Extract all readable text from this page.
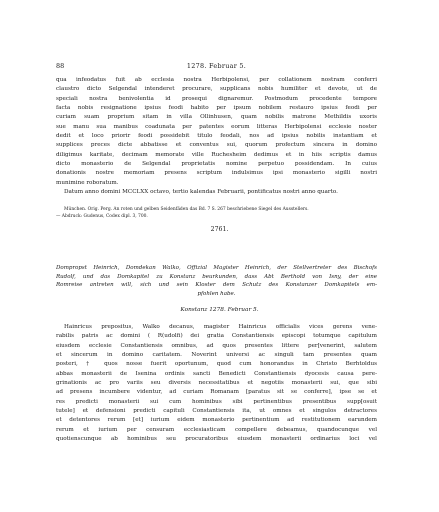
88	1278. Februar 5.
qua infeodatus fuit ab ecclesia nostra Herbipolensi, per collationem nostram conferri
claustro dicto Selgendal intenderet procurare, supplicans nobis humiliter et devote, ut de
speciali nostra benivolentia id prosequi dignaremur. Postmodum procedente tempore
facta nobis resignatione ipsius feodi habito per ipsum nobilem restauro ipsius feodi per
curiam suam proprium sitam in villa Ollinhusen, quam nobilis matrone Methildis uxoris
sue manu sua manibus coadunata per patentes eorum litteras Herbipolensi ecclesie noster
dedit et loco priorir feodi possidebit titulo feodali, nos ad ipsius nobilis instantiam et
supplices preces dicte abbatisse et conventus sui, quorum profectum sincera in domino
diligimus karitate, decimam memorate ville Ruchesheim dedimus et in hiis scriptis damus
dicto monasterio de Selgendal proprietatis nomine perpetuo possidendam. In cuius
donationis nostre memoriam presens scriptum indulsimus ipsi monasterio sigilli nostri
munimine roboratum.
Datum anno domini MCCLXX octavo, tertio kalendas Februarii, pontificatus nostri anno quarto.
München. Orig. Perg. An roten und gelben Seidenfäden das Bd. 7 S. 267 beschriebene Siegel des Ausstellers.
— Abdruck: Gudenus, Codex dipl. 3, 700.
2761.
Dompropst Heinrich, Domdekan Walko, Offizial Magister Heinrich, der Stellvertreter des Bischofs
Rudolf, und das Domkapitel zu Konstanz beurkunden, dass Abt Berthold von Isny, der eine
Romreise antreten will, sich und sein Kloster dem Schutz des Konstanzer Domkapitels em-
pfohlen habe.
Konstanz 1278. Februar 5.
Hainricus prepositus, Walko decanus, magister Hainricus officialis vices gerens vene-
rabilis patris ac domini ( R(udolfi) dei gratia Constantiensis episcopi totumque capitulum
eiusdem ecclesie Constantiensis omnibus, ad quos presentes littere per[venerint, salutem
et sincerum in domino caritatem. Noverint universi ac singuli tam presentes quam
posteri, † quos nosse fuerit oportunum, quod cum honorandus in Christo Berhtoldus
abbas monasterii de Isenina ordinis sancti Benedicti Constantiensis dyocesis causa pere-
grinationis ac pro variis seu diversis necessitatibus et negotiis monasterii sui, que sibi
ad presens incumbere videntur, ad curiam Romanam [paratus sit se conferre], ipse se et
res predicti monasterii sui cum hominibus sibi pertinentibus presentibus supp[osuit
tutele] et defensioni predicti capituli Constantiensis ita, ut omnes et singulos detractores
et detentores rerum [et] iurium eidem monasterio pertinentium ad restitutionem earundem
rerum et iurium per censuram ecclesiasticam compellere debeamus, quandocunque vel
quotienscunque ab hominibus seu procuratoribus eiusdem monasterii ordinarius loci vel
